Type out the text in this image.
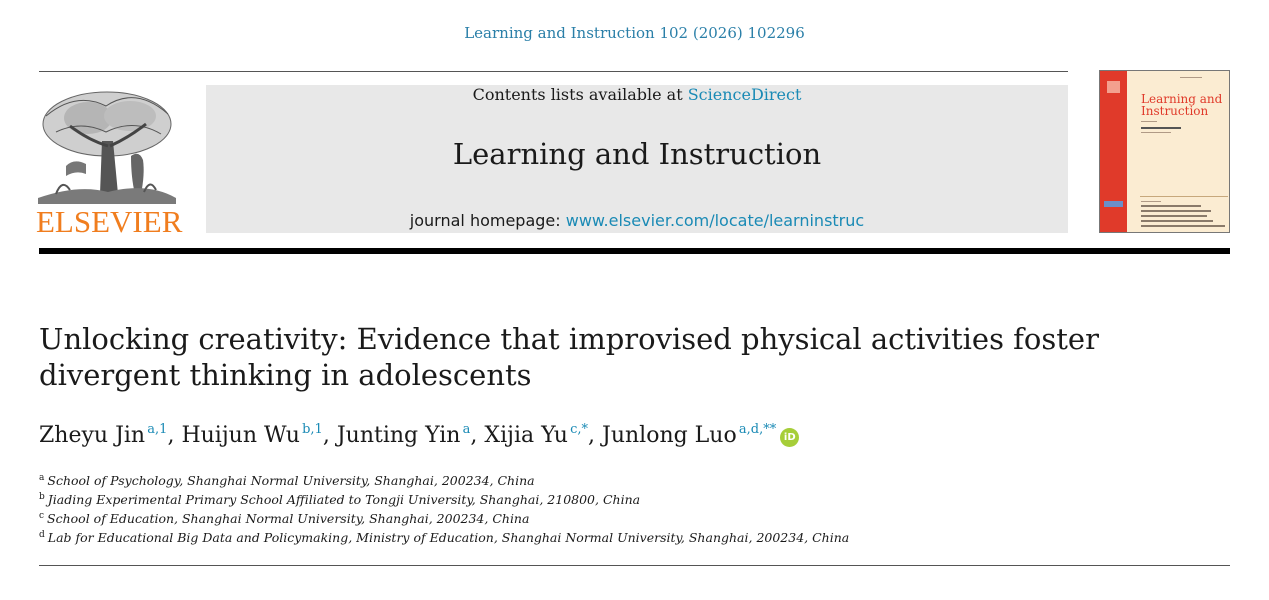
Learning and Instruction 102 (2026) 102296
ELSEVIER
Contents lists available at ScienceDirect
Learning and Instruction
journal homepage: www.elsevier.com/locate/learninstruc
Learning and
Instruction
Unlocking creativity: Evidence that improvised physical activities foster
divergent thinking in adolescents
Zheyu Jin  $^{a,1}$, Huijun Wu  $^{b,1}$, Junting Yin  $^a$, Xijia Yu  $^{c,*}$, Junlong Luo  $^{a,d,**}$iD
$^a$ School of Psychology, Shanghai Normal University, Shanghai, 200234, China
$^b$ Jiading Experimental Primary School Affiliated to Tongji University, Shanghai, 210800, China
$^c$ School of Education, Shanghai Normal University, Shanghai, 200234, China
$^d$ Lab for Educational Big Data and Policymaking, Ministry of Education, Shanghai Normal University, Shanghai, 200234, China
